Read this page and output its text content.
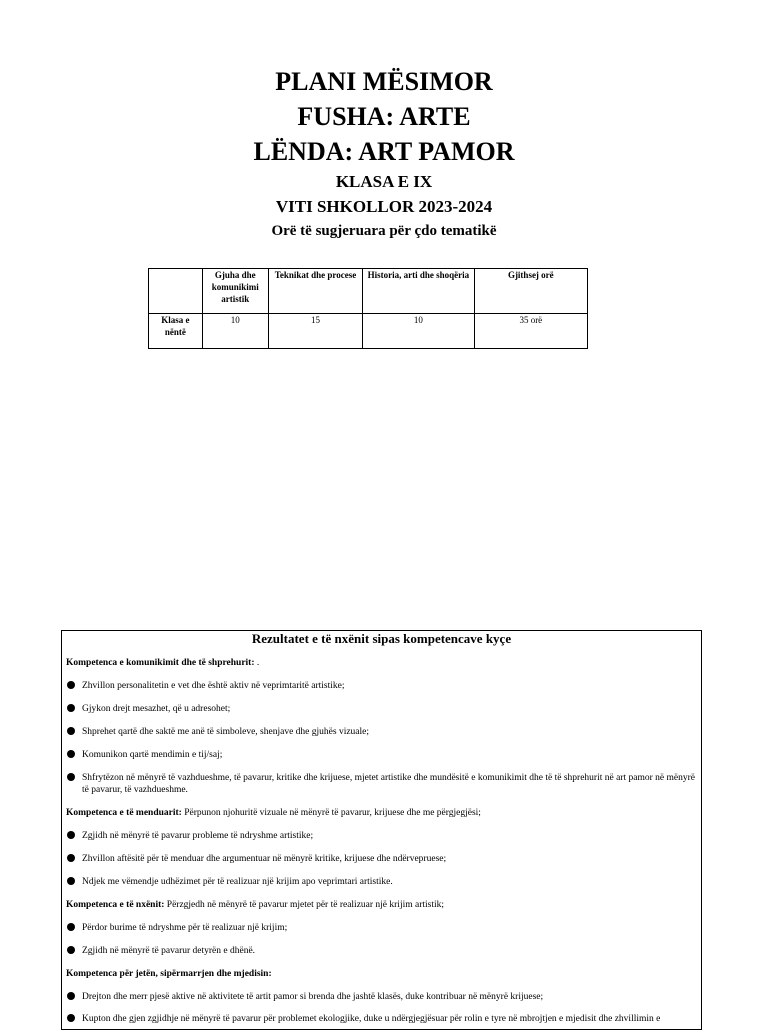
PLANI MËSIMOR

FUSHA: ARTE

LËNDA: ART PAMOR

KLASA E IX

VITI SHKOLLOR 2023-2024

Orë të sugjeruara për çdo tematikë

	Gjuha dhe komunikimi artistik	Teknikat dhe procese	Historia, arti dhe shoqëria	Gjithsej orë
Klasa e nëntë	10	15	10	35 orë

Rezultatet e të nxënit sipas kompetencave kyçe

Kompetenca e komunikimit dhe të shprehurit: .

Zhvillon personalitetin e vet dhe është aktiv në veprimtaritë artistike;
Gjykon drejt mesazhet, që u adresohet;
Shprehet qartë dhe saktë me anë të simboleve, shenjave dhe gjuhës vizuale;
Komunikon qartë mendimin e tij/saj;
Shfrytëzon në mënyrë të vazhdueshme, të pavarur, kritike dhe krijuese, mjetet artistike dhe mundësitë e komunikimit dhe të të shprehurit në art pamor në mënyrë të pavarur, të vazhdueshme.

Kompetenca e të menduarit: Përpunon njohuritë vizuale në mënyrë të pavarur, krijuese dhe me përgjegjësi;

Zgjidh në mënyrë të pavarur probleme të ndryshme artistike;
Zhvillon aftësitë për të menduar dhe argumentuar në mënyrë kritike, krijuese dhe ndërvepruese;
Ndjek me vëmendje udhëzimet për të realizuar një krijim apo veprimtari artistike.

Kompetenca e të nxënit: Përzgjedh në mënyrë të pavarur mjetet për të realizuar një krijim artistik;

Përdor burime të ndryshme për të realizuar një krijim;
Zgjidh në mënyrë të pavarur detyrën e dhënë.

Kompetenca për jetën, sipërmarrjen dhe mjedisin:

Drejton dhe merr pjesë aktive në aktivitete të artit pamor si brenda dhe jashtë klasës, duke kontribuar në mënyrë krijuese;
Kupton dhe gjen zgjidhje në mënyrë të pavarur për problemet ekologjike, duke u ndërgjegjësuar për rolin e tyre në mbrojtjen e mjedisit dhe zhvillimin e
